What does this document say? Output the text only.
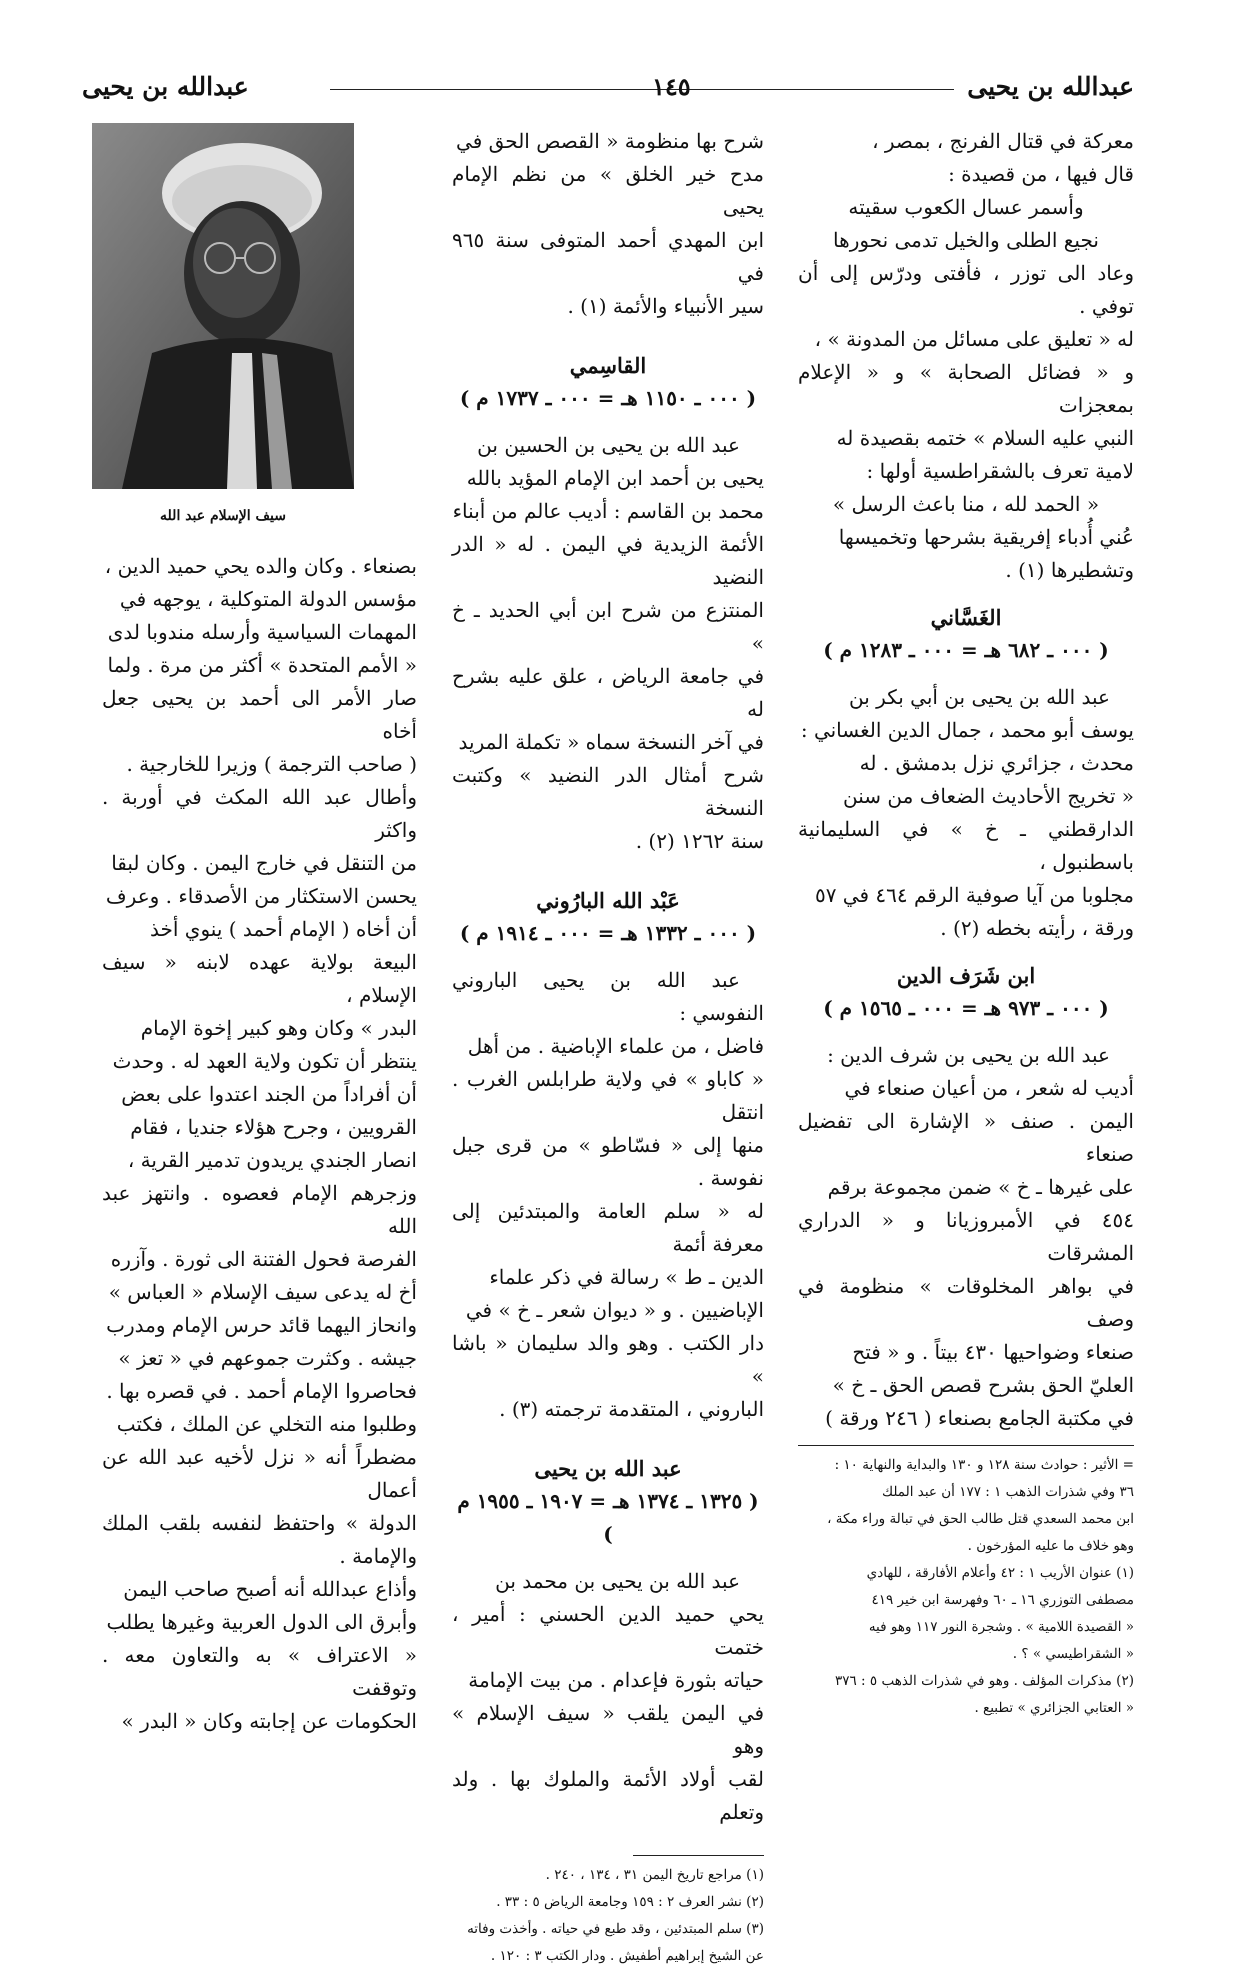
عبدالله بن يحيى
١٤٥
عبدالله بن يحيى

معركة في قتال الفرنج ، بمصر ،

قال فيها ، من قصيدة :

وأسمر عسال الكعوب سقيته

نجيع الطلى والخيل تدمى نحورها

وعاد الى توزر ، فأفتى ودرّس إلى أن توفي .

له « تعليق على مسائل من المدونة » ،

و « فضائل الصحابة » و « الإعلام بمعجزات

النبي عليه السلام » ختمه بقصيدة له

لامية تعرف بالشقراطسية أولها :

« الحمد لله ، منا باعث الرسل »

عُني أُدباء إفريقية بشرحها وتخميسها

وتشطيرها (١) .

الغَسَّاني
( ٠٠٠ ـ ٦٨٢ هـ = ٠٠٠ ـ ١٢٨٣ م )

عبد الله بن يحيى بن أبي بكر بن

يوسف أبو محمد ، جمال الدين الغساني :

محدث ، جزائري نزل بدمشق . له

« تخريج الأحاديث الضعاف من سنن

الدارقطني ـ خ » في السليمانية باسطنبول ،

مجلوبا من آيا صوفية الرقم ٤٦٤ في ٥٧

ورقة ، رأيته بخطه (٢) .

ابن شَرَف الدين
( ٠٠٠ ـ ٩٧٣ هـ = ٠٠٠ ـ ١٥٦٥ م )

عبد الله بن يحيى بن شرف الدين :

أديب له شعر ، من أعيان صنعاء في

اليمن . صنف « الإشارة الى تفضيل صنعاء

على غيرها ـ خ » ضمن مجموعة برقم

٤٥٤ في الأمبروزيانا و « الدراري المشرقات

في بواهر المخلوقات » منظومة في وصف

صنعاء وضواحيها ٤٣٠ بيتاً . و « فتح

العليّ الحق بشرح قصص الحق ـ خ »

في مكتبة الجامع بصنعاء ( ٢٤٦ ورقة )

= الأثير : حوادث سنة ١٢٨ و ١٣٠ والبداية والنهاية ١٠ :

٣٦ وفي شذرات الذهب ١ : ١٧٧ أن عبد الملك

ابن محمد السعدي قتل طالب الحق في تبالة وراء مكة ،

وهو خلاف ما عليه المؤرخون .

(١) عنوان الأريب ١ : ٤٢ وأعلام الأفارقة ، للهادي

مصطفى التوزري ١٦ ـ ٦٠ وفهرسة ابن خير ٤١٩

« القصيدة اللامية » . وشجرة النور ١١٧ وهو فيه

« الشقراطيسي » ؟ .

(٢) مذكرات المؤلف . وهو في شذرات الذهب ٥ : ٣٧٦

« العتابي الجزائري » تطبيع .

شرح بها منظومة « القصص الحق في

مدح خير الخلق » من نظم الإمام يحيى

ابن المهدي أحمد المتوفى سنة ٩٦٥ في

سير الأنبياء والأئمة (١) .

القاسِمي
( ٠٠٠ ـ ١١٥٠ هـ = ٠٠٠ ـ ١٧٣٧ م )

عبد الله بن يحيى بن الحسين بن

يحيى بن أحمد ابن الإمام المؤيد بالله

محمد بن القاسم : أديب عالم من أبناء

الأئمة الزيدية في اليمن . له « الدر النضيد

المنتزع من شرح ابن أبي الحديد ـ خ »

في جامعة الرياض ، علق عليه بشرح له

في آخر النسخة سماه « تكملة المريد

شرح أمثال الدر النضيد » وكتبت النسخة

سنة ١٢٦٢ (٢) .

عَبْد الله البارُوني
( ٠٠٠ ـ ١٣٣٢ هـ = ٠٠٠ ـ ١٩١٤ م )

عبد الله بن يحيى الباروني النفوسي :

فاضل ، من علماء الإباضية . من أهل

« كاباو » في ولاية طرابلس الغرب . انتقل

منها إلى « فسّاطو » من قرى جبل نفوسة .

له « سلم العامة والمبتدئين إلى معرفة أئمة

الدين ـ ط » رسالة في ذكر علماء

الإباضيين . و « ديوان شعر ـ خ » في

دار الكتب . وهو والد سليمان « باشا »

الباروني ، المتقدمة ترجمته (٣) .

عبد الله بن يحيى
( ١٣٢٥ ـ ١٣٧٤ هـ = ١٩٠٧ ـ ١٩٥٥ م )

عبد الله بن يحيى بن محمد بن

يحي حميد الدين الحسني : أمير ، ختمت

حياته بثورة فإعدام . من بيت الإمامة

في اليمن يلقب « سيف الإسلام » وهو

لقب أولاد الأئمة والملوك بها . ولد وتعلم

(١) مراجع تاريخ اليمن ٣١ ، ١٣٤ ، ٢٤٠ .

(٢) نشر العرف ٢ : ١٥٩ وجامعة الرياض ٥ : ٣٣ .

(٣) سلم المبتدئين ، وقد طبع في حياته . وأخذت وفاته

عن الشيخ إبراهيم أطفيش . ودار الكتب ٣ : ١٢٠ .

سيف الإسلام عبد الله

بصنعاء . وكان والده يحي حميد الدين ،

مؤسس الدولة المتوكلية ، يوجهه في

المهمات السياسية وأرسله مندوبا لدى

« الأمم المتحدة » أكثر من مرة . ولما

صار الأمر الى أحمد بن يحيى جعل أخاه

( صاحب الترجمة ) وزيرا للخارجية .

وأطال عبد الله المكث في أوربة . واكثر

من التنقل في خارج اليمن . وكان لبقا

يحسن الاستكثار من الأصدقاء . وعرف

أن أخاه ( الإمام أحمد ) ينوي أخذ

البيعة بولاية عهده لابنه « سيف الإسلام ،

البدر » وكان وهو كبير إخوة الإمام

ينتظر أن تكون ولاية العهد له . وحدث

أن أفراداً من الجند اعتدوا على بعض

القرويين ، وجرح هؤلاء جنديا ، فقام

انصار الجندي يريدون تدمير القرية ،

وزجرهم الإمام فعصوه . وانتهز عبد الله

الفرصة فحول الفتنة الى ثورة . وآزره

أخ له يدعى سيف الإسلام « العباس »

وانحاز اليهما قائد حرس الإمام ومدرب

جيشه . وكثرت جموعهم في « تعز »

فحاصروا الإمام أحمد . في قصره بها .

وطلبوا منه التخلي عن الملك ، فكتب

مضطراً أنه « نزل لأخيه عبد الله عن أعمال

الدولة » واحتفظ لنفسه بلقب الملك والإمامة .

وأذاع عبدالله أنه أصبح صاحب اليمن

وأبرق الى الدول العربية وغيرها يطلب

« الاعتراف » به والتعاون معه . وتوقفت

الحكومات عن إجابته وكان « البدر »
